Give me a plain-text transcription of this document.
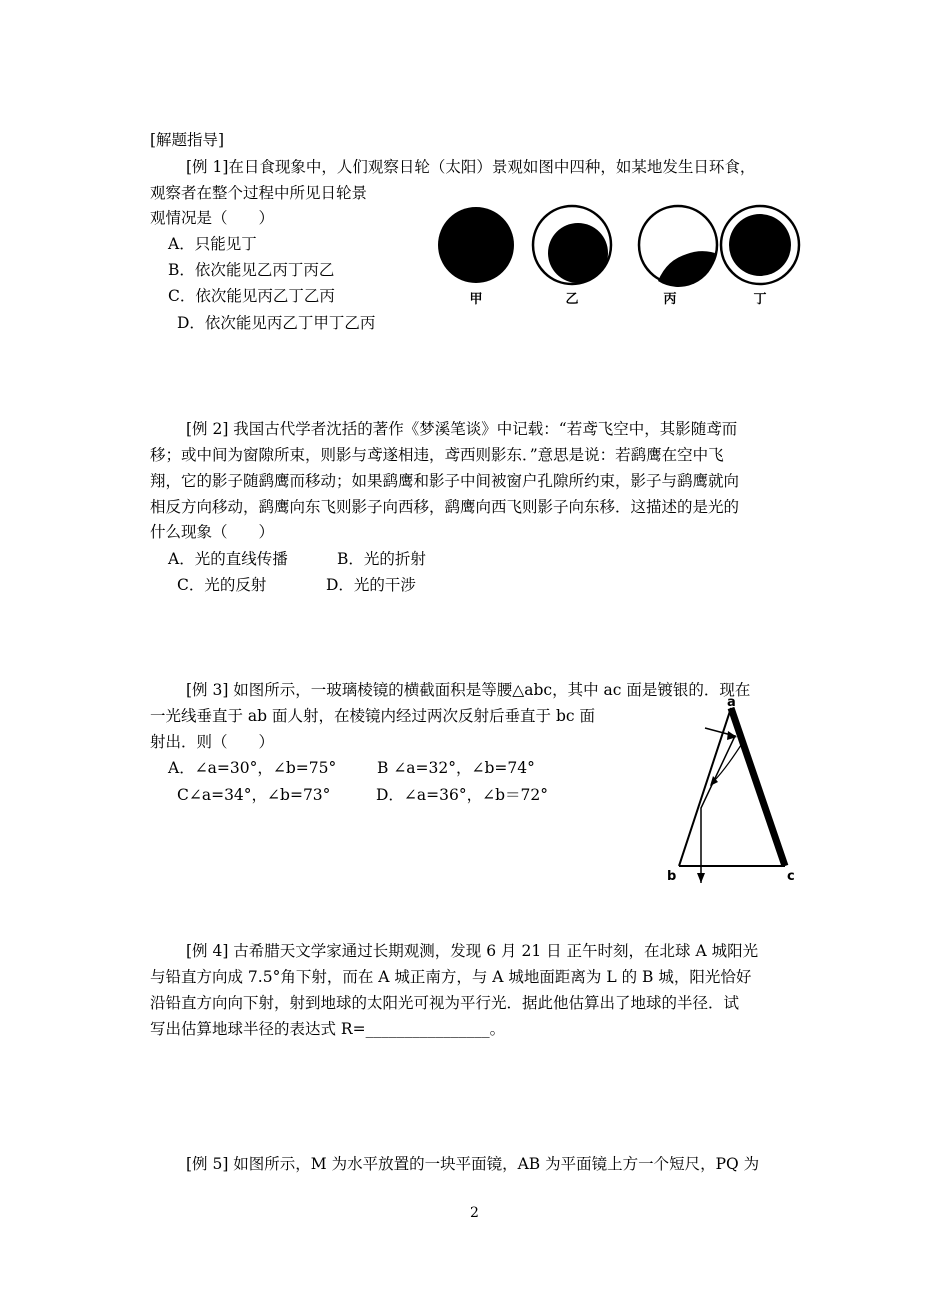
[解题指导]
[例 1]在日食现象中，人们观察日轮（太阳）景观如图中四种，如某地发生日环食，
观察者在整个过程中所见日轮景
观情况是（　　）
A．只能见丁
B．依次能见乙丙丁丙乙
C．依次能见丙乙丁乙丙
D．依次能见丙乙丁甲丁乙丙
甲	乙	丙	丁
[例 2] 我国古代学者沈括的著作《梦溪笔谈》中记载：“若鸢飞空中，其影随鸢而
移；或中间为窗隙所束，则影与鸢遂相违，鸢西则影东．”意思是说：若鹞鹰在空中飞
翔，它的影子随鹞鹰而移动；如果鹞鹰和影子中间被窗户孔隙所约束，影子与鹞鹰就向
相反方向移动，鹞鹰向东飞则影子向西移，鹞鹰向西飞则影子向东移．这描述的是光的
什么现象（　　）
A．光的直线传播	B．光的折射
C．光的反射	D．光的干涉
[例 3] 如图所示，一玻璃棱镜的横截面积是等腰△abc，其中 ac 面是镀银的．现在
一光线垂直于 ab 面人射，在棱镜内经过两次反射后垂直于 bc 面
射出．则（　　）
A．∠a=30°，∠b=75°	B ∠a=32°，∠b=74°
C∠a=34°，∠b=73°	D．∠a=36°，∠b＝72°
a
b	c
[例 4] 古希腊天文学家通过长期观测，发现 6 月 21 日 正午时刻，在北球 A 城阳光
与铅直方向成 7.5°角下射，而在 A 城正南方，与 A 城地面距离为 L 的 B 城，阳光恰好
沿铅直方向向下射，射到地球的太阳光可视为平行光．据此他估算出了地球的半径．试
写出估算地球半径的表达式 R=________________。
[例 5] 如图所示，M 为水平放置的一块平面镜，AB 为平面镜上方一个短尺，PQ 为
2
